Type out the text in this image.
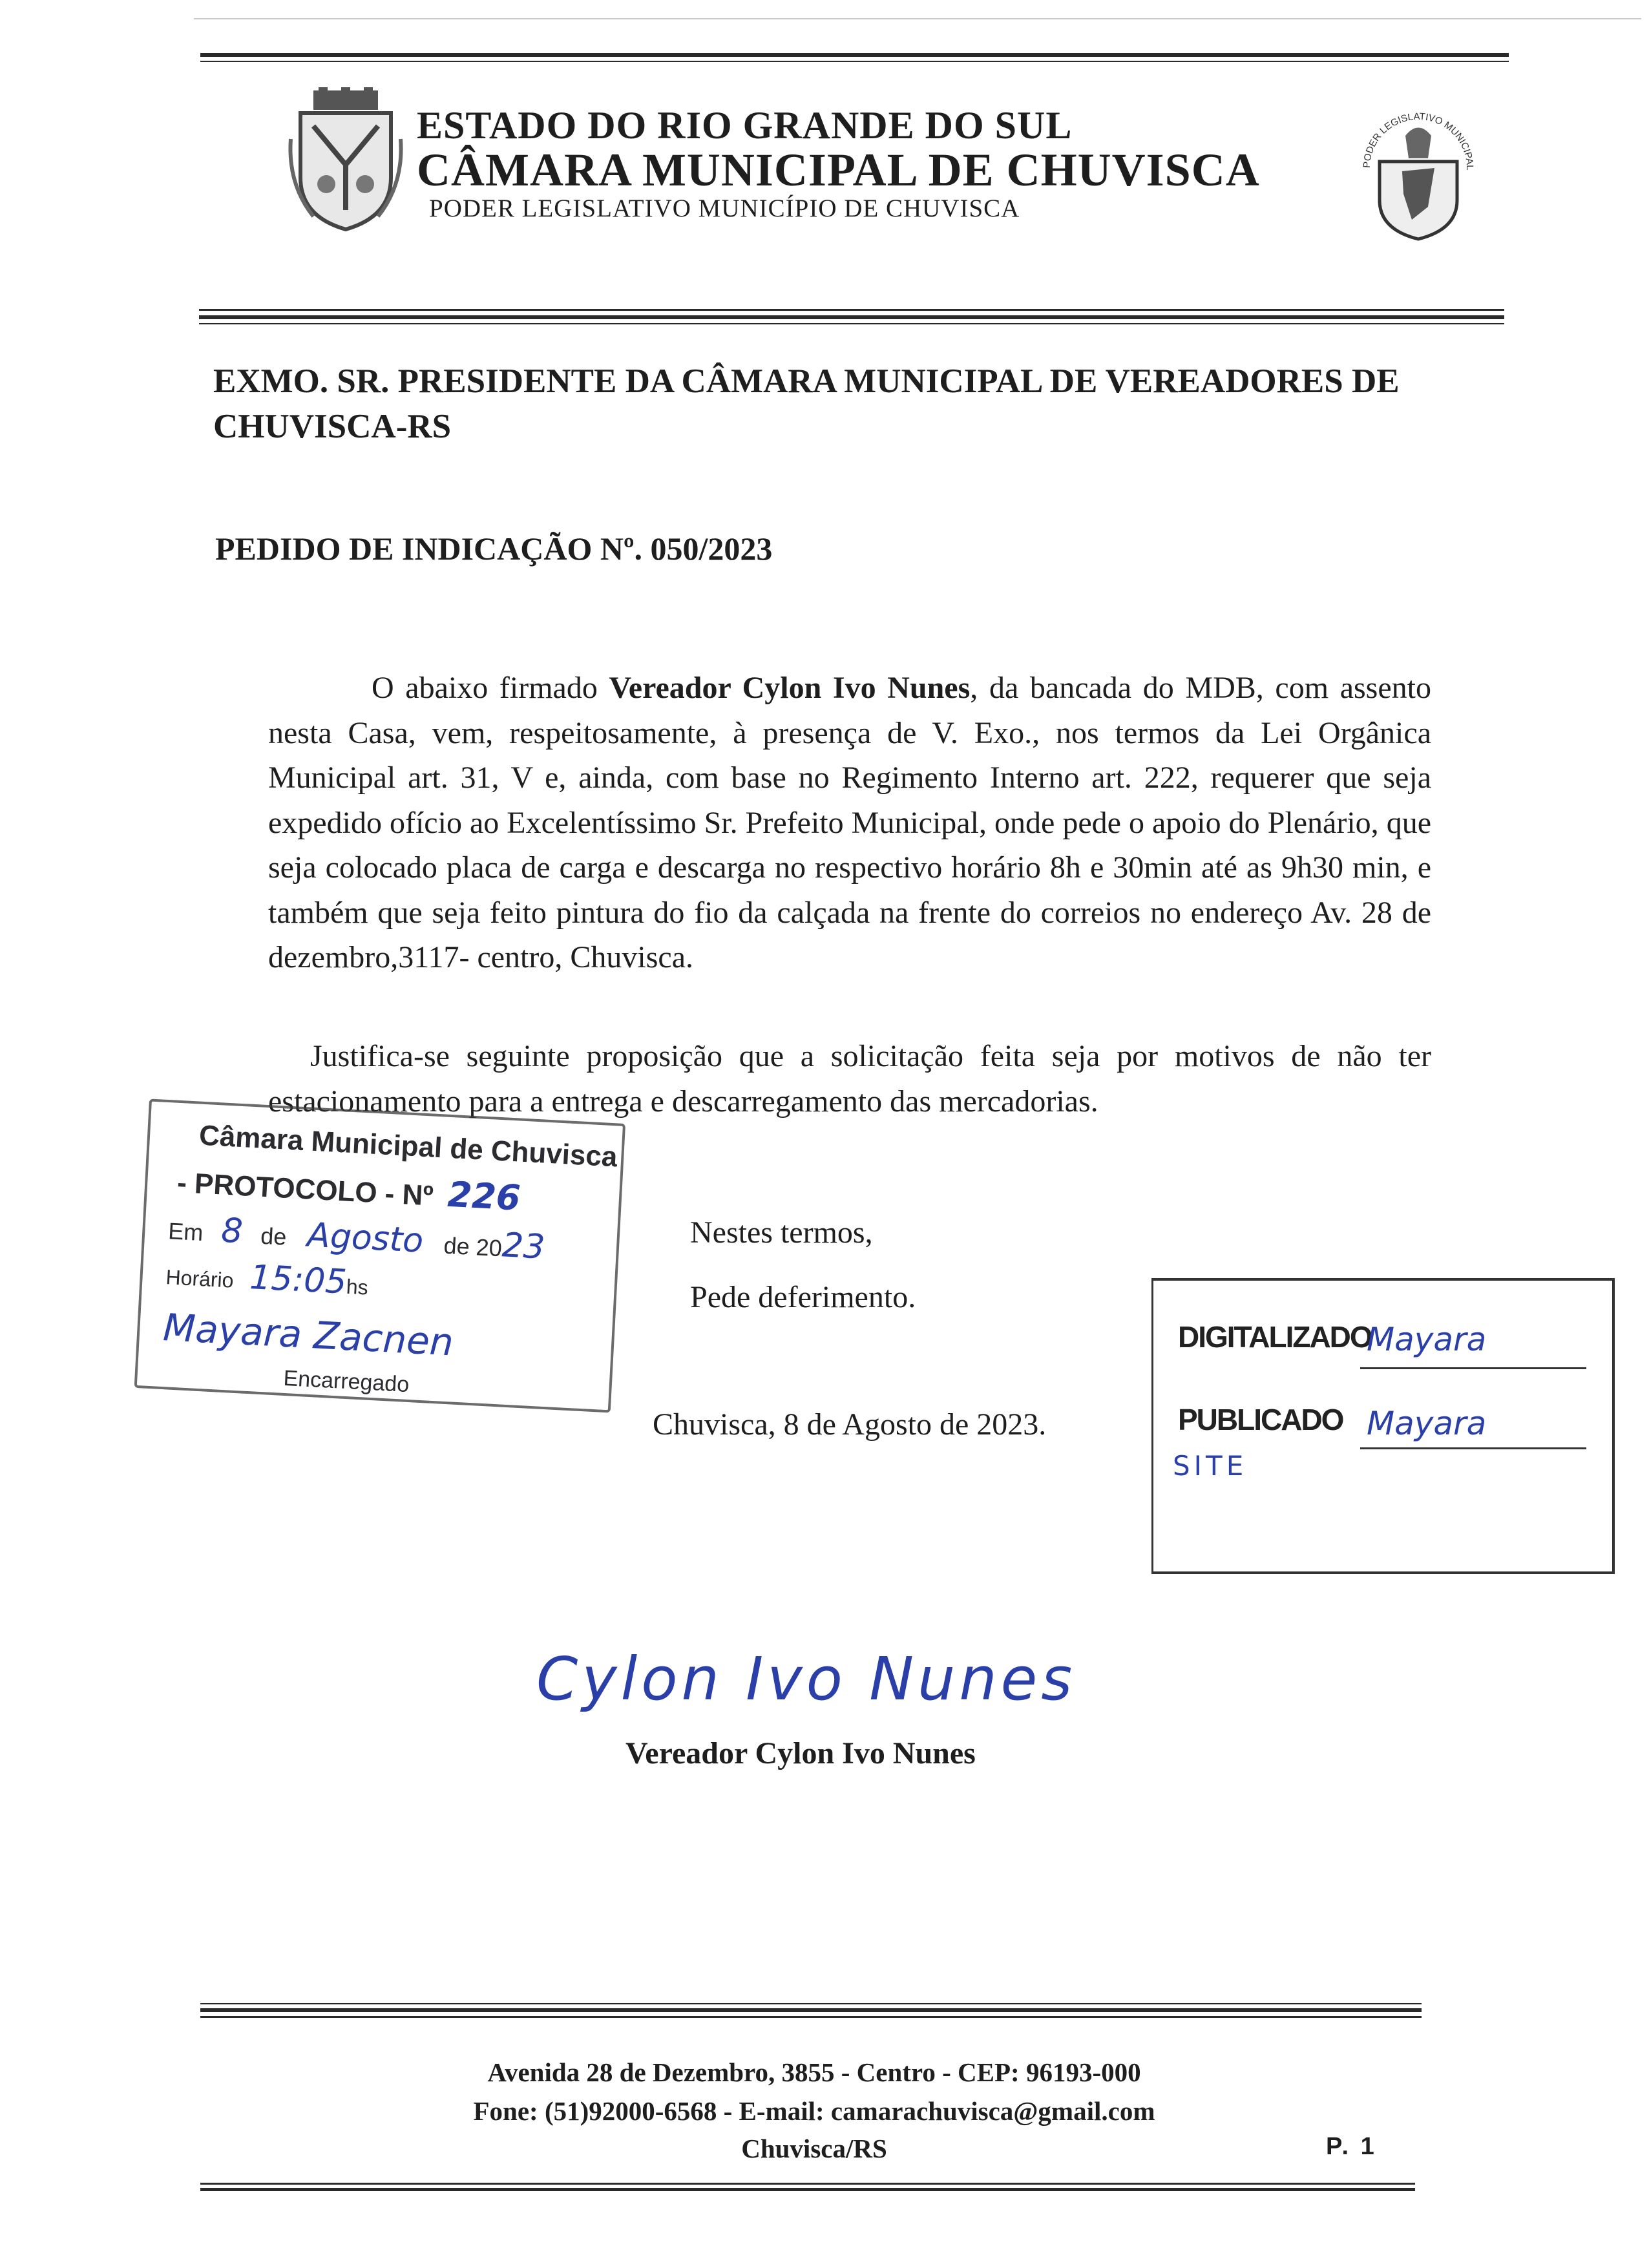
ESTADO DO RIO GRANDE DO SUL
CÂMARA MUNICIPAL DE CHUVISCA
PODER LEGISLATIVO MUNICÍPIO DE CHUVISCA
PODER LEGISLATIVO MUNICIPAL
EXMO. SR. PRESIDENTE DA CÂMARA MUNICIPAL DE VEREADORES DE CHUVISCA-RS
PEDIDO DE INDICAÇÃO Nº. 050/2023
O abaixo firmado Vereador Cylon Ivo Nunes, da bancada do MDB, com assento nesta Casa, vem, respeitosamente, à presença de V. Exo., nos termos da Lei Orgânica Municipal art. 31, V e, ainda, com base no Regimento Interno art. 222, requerer que seja expedido ofício ao Excelentíssimo Sr. Prefeito Municipal, onde pede o apoio do Plenário, que seja colocado placa de carga e descarga no respectivo horário 8h e 30min até as 9h30 min, e também que seja feito pintura do fio da calçada na frente do correios no endereço Av. 28 de dezembro,3117- centro, Chuvisca.
Justifica-se seguinte proposição que a solicitação feita seja por motivos de não ter estacionamento para a entrega e descarregamento das mercadorias.
Câmara Municipal de Chuvisca
- PROTOCOLO - Nº 226
Em 8 de Agosto de 2023
Horário 15:05hs
Mayara Zacnen
Encarregado
Nestes termos,
Pede deferimento.
Chuvisca, 8 de Agosto de 2023.
DIGITALIZADO
Mayara
PUBLICADO Mayara
SITE
Cylon Ivo Nunes
Vereador Cylon Ivo Nunes
Avenida 28 de Dezembro, 3855 - Centro - CEP: 96193-000
Fone: (51)92000-6568 - E-mail: camarachuvisca@gmail.com
Chuvisca/RS	P. 1
